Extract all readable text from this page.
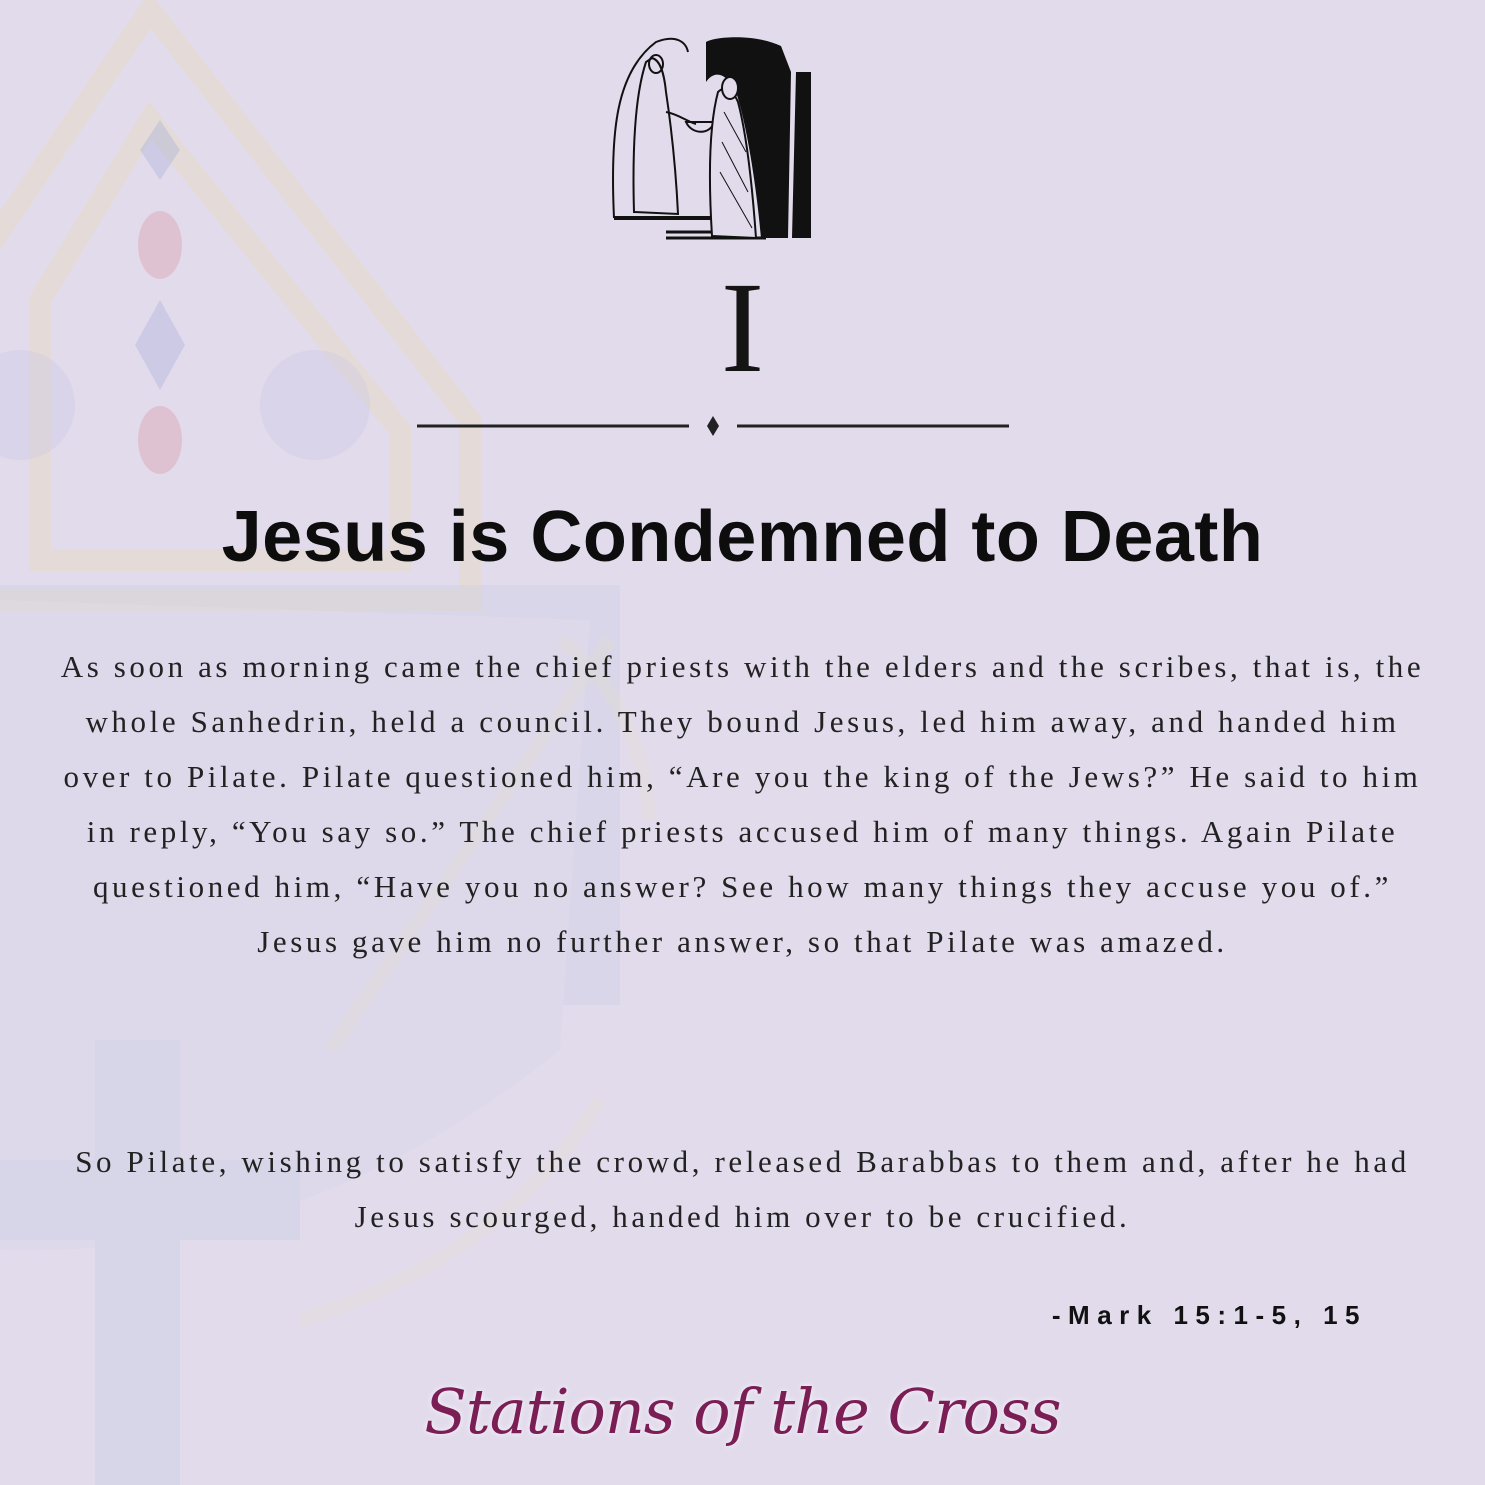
I
Jesus is Condemned to Death
As soon as morning came the chief priests with the elders and the scribes, that is, the whole Sanhedrin, held a council. They bound Jesus, led him away, and handed him over to Pilate. Pilate questioned him, “Are you the king of the Jews?” He said to him in reply, “You say so.” The chief priests accused him of many things. Again Pilate questioned him, “Have you no answer? See how many things they accuse you of.” Jesus gave him no further answer, so that Pilate was amazed.
So Pilate, wishing to satisfy the crowd, released Barabbas to them and, after he had Jesus scourged, handed him over to be crucified.
-Mark 15:1-5, 15
Stations of the Cross
